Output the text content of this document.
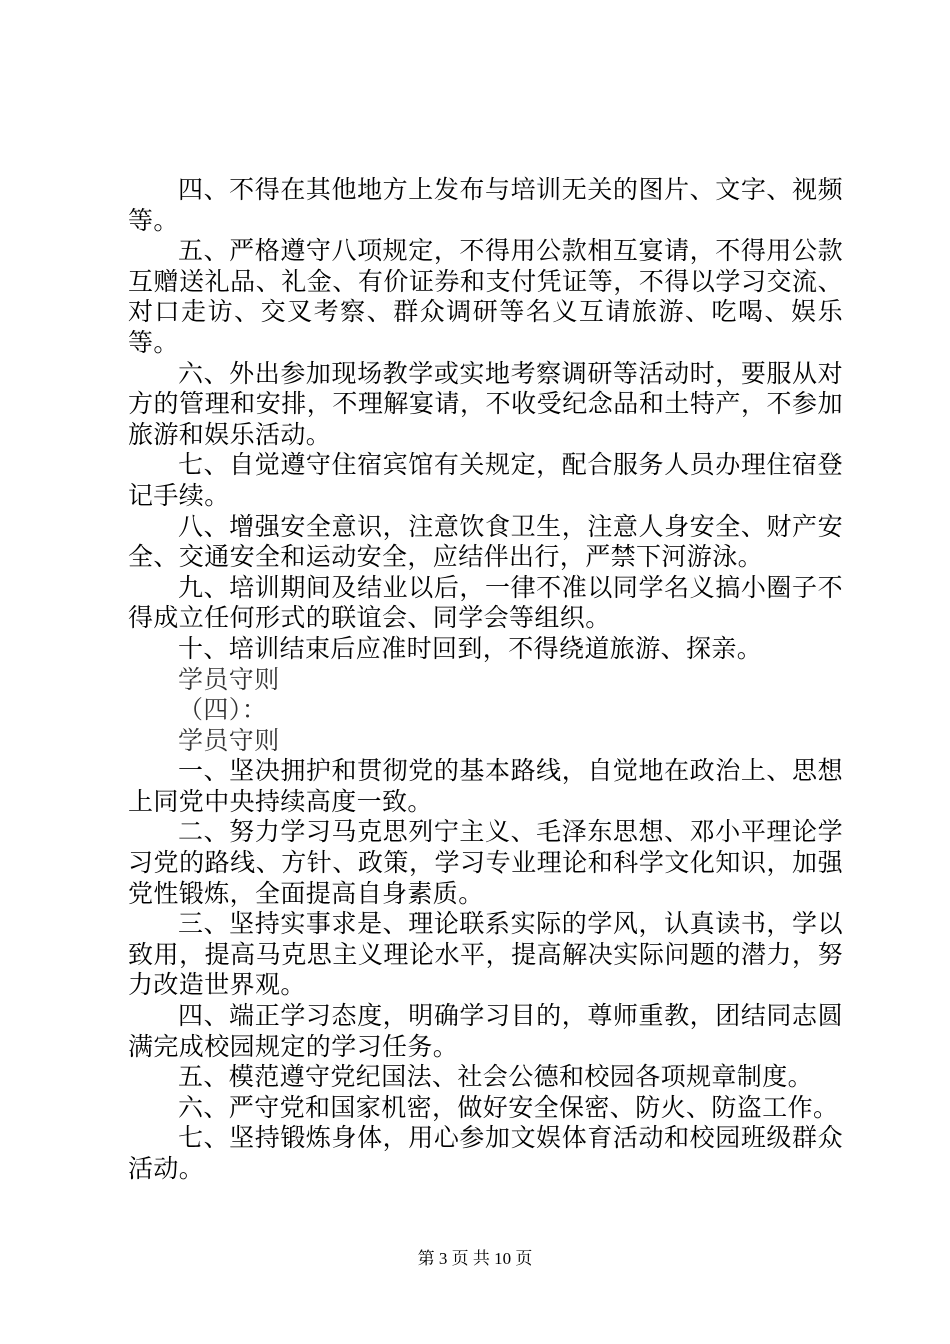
四、不得在其他地方上发布与培训无关的图片、文字、视频等。

五、严格遵守八项规定，不得用公款相互宴请，不得用公款互赠送礼品、礼金、有价证券和支付凭证等，不得以学习交流、对口走访、交叉考察、群众调研等名义互请旅游、吃喝、娱乐等。

六、外出参加现场教学或实地考察调研等活动时，要服从对方的管理和安排，不理解宴请，不收受纪念品和土特产，不参加旅游和娱乐活动。

七、自觉遵守住宿宾馆有关规定，配合服务人员办理住宿登记手续。

八、增强安全意识，注意饮食卫生，注意人身安全、财产安全、交通安全和运动安全，应结伴出行，严禁下河游泳。

九、培训期间及结业以后，一律不准以同学名义搞小圈子不得成立任何形式的联谊会、同学会等组织。

十、培训结束后应准时回到，不得绕道旅游、探亲。

学员守则

（四）：

学员守则

一、坚决拥护和贯彻党的基本路线，自觉地在政治上、思想上同党中央持续高度一致。

二、努力学习马克思列宁主义、毛泽东思想、邓小平理论学习党的路线、方针、政策，学习专业理论和科学文化知识，加强党性锻炼，全面提高自身素质。

三、坚持实事求是、理论联系实际的学风，认真读书，学以致用，提高马克思主义理论水平，提高解决实际问题的潜力，努力改造世界观。

四、端正学习态度，明确学习目的，尊师重教，团结同志圆满完成校园规定的学习任务。

五、模范遵守党纪国法、社会公德和校园各项规章制度。

六、严守党和国家机密，做好安全保密、防火、防盗工作。

七、坚持锻炼身体，用心参加文娱体育活动和校园班级群众活动。

第 3 页 共 10 页
